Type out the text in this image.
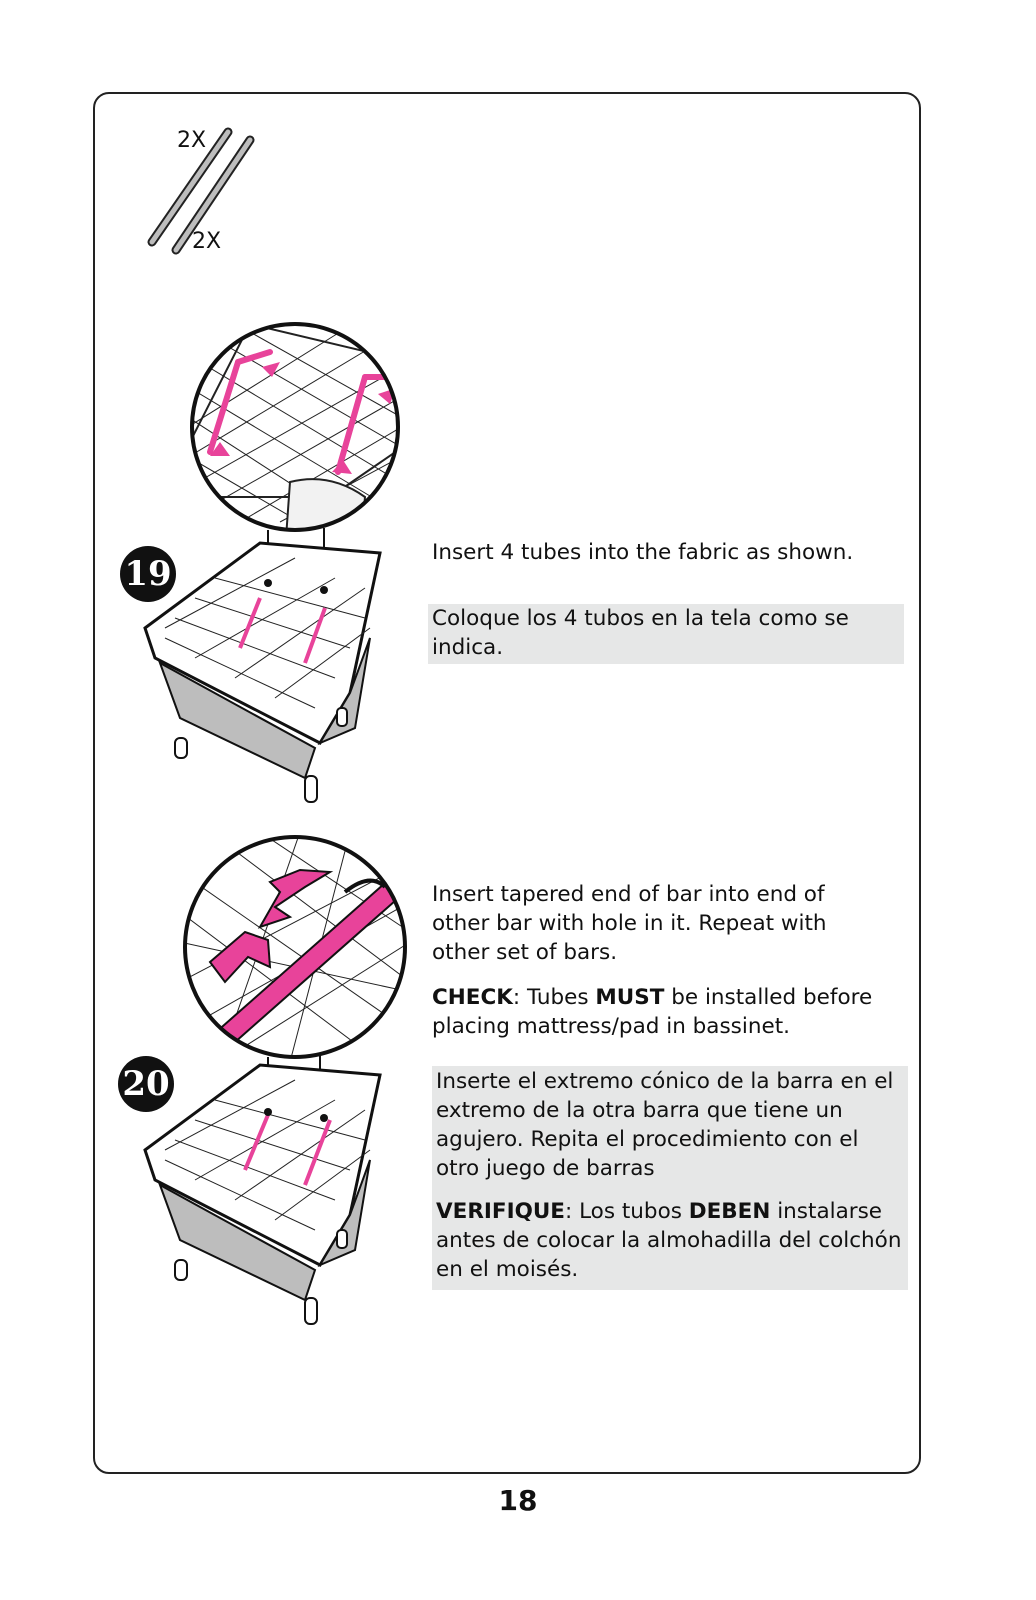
2X
2X
19
Insert 4 tubes into the fabric as shown.
Coloque los 4 tubos en la tela como se indica.
20
Insert tapered end of bar into end of other bar with hole in it. Repeat with other set of bars.
CHECK: Tubes MUST be installed before placing mattress/pad in bassinet.

Inserte el extremo cónico de la barra en el extremo de la otra barra que tiene un agujero. Repita el procedimiento con el otro juego de barras

VERIFIQUE: Los tubos DEBEN instalarse antes de colocar la almohadilla del colchón en el moisés.

18
